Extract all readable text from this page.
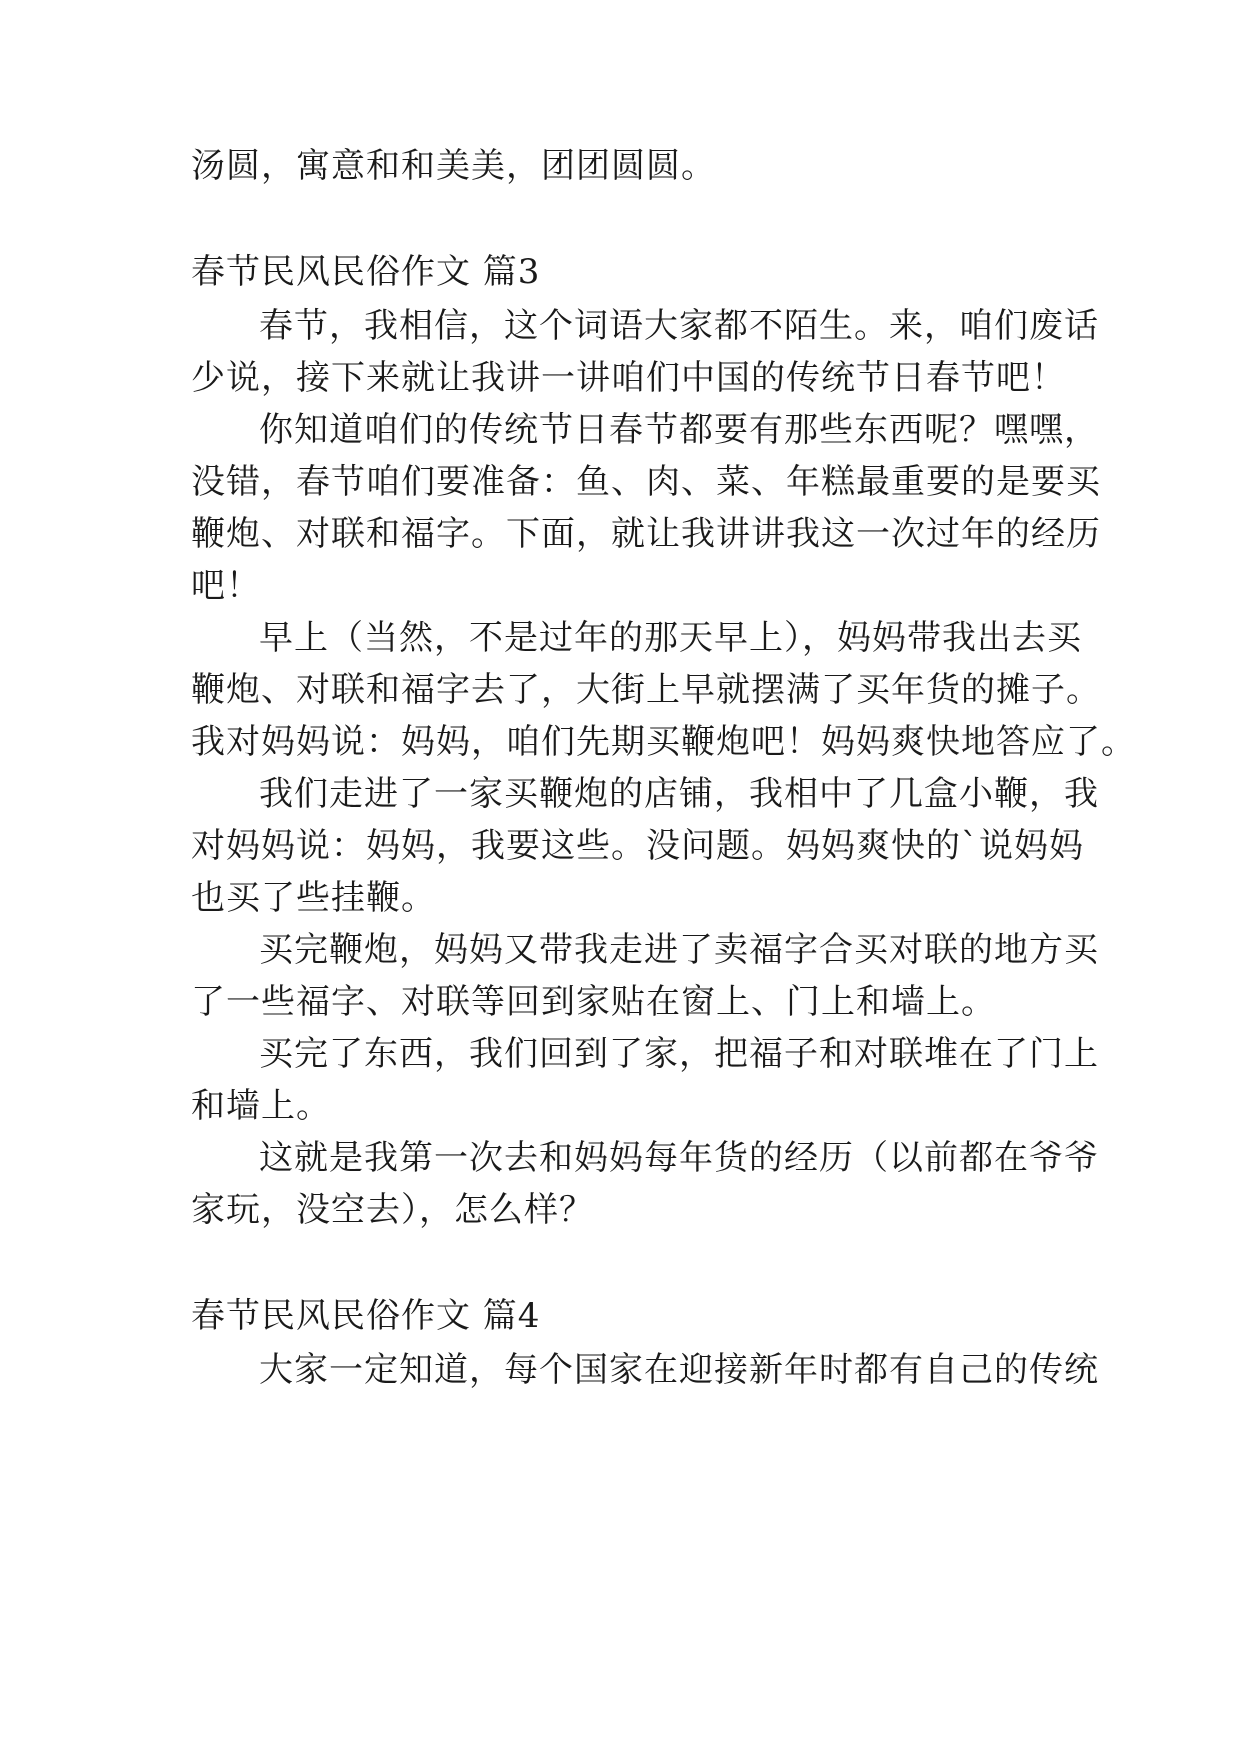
汤圆，寓意和和美美，团团圆圆。
春节民风民俗作文 篇3
春节，我相信，这个词语大家都不陌生。来，咱们废话
少说，接下来就让我讲一讲咱们中国的传统节日春节吧！
你知道咱们的传统节日春节都要有那些东西呢？嘿嘿，
没错，春节咱们要准备：鱼、肉、菜、年糕最重要的是要买
鞭炮、对联和福字。下面，就让我讲讲我这一次过年的经历
吧！
早上（当然，不是过年的那天早上），妈妈带我出去买
鞭炮、对联和福字去了，大街上早就摆满了买年货的摊子。
我对妈妈说：妈妈，咱们先期买鞭炮吧！妈妈爽快地答应了。
我们走进了一家买鞭炮的店铺，我相中了几盒小鞭，我
对妈妈说：妈妈，我要这些。没问题。妈妈爽快的`说妈妈
也买了些挂鞭。
买完鞭炮，妈妈又带我走进了卖福字合买对联的地方买
了一些福字、对联等回到家贴在窗上、门上和墙上。
买完了东西，我们回到了家，把福子和对联堆在了门上
和墙上。
这就是我第一次去和妈妈每年货的经历（以前都在爷爷
家玩，没空去），怎么样？
春节民风民俗作文 篇4
大家一定知道，每个国家在迎接新年时都有自己的传统
